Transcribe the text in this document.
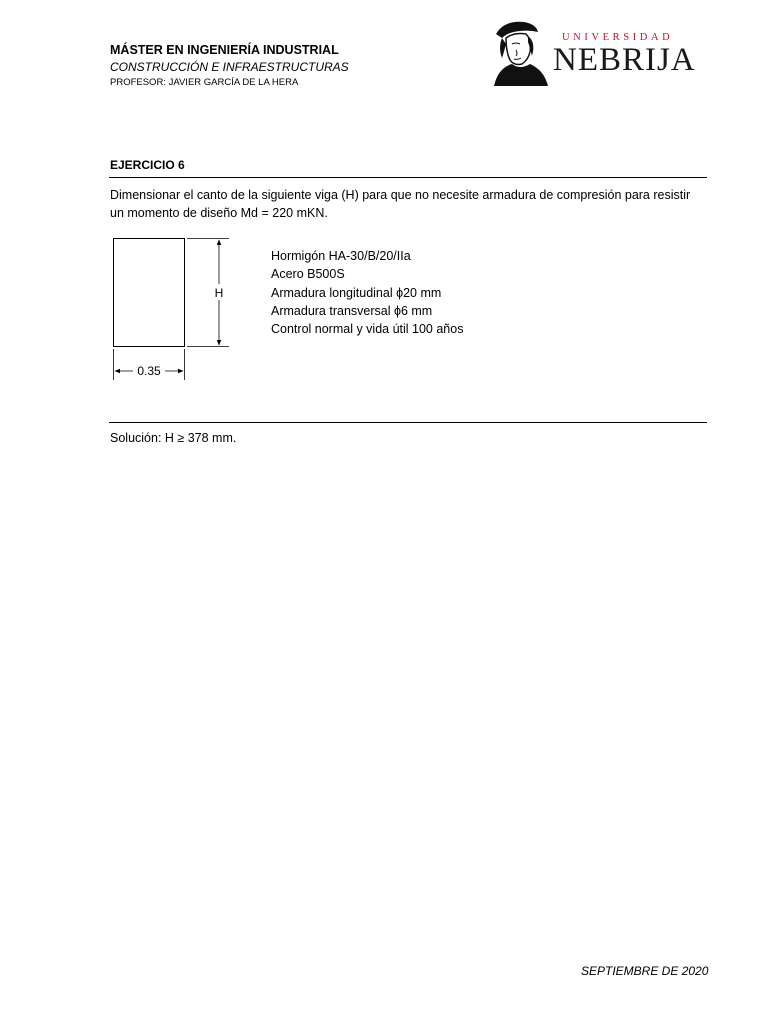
MÁSTER EN INGENIERÍA INDUSTRIAL
CONSTRUCCIÓN E INFRAESTRUCTURAS
PROFESOR: JAVIER GARCÍA DE LA HERA
UNIVERSIDAD
NEBRIJA
EJERCICIO 6
Dimensionar el canto de la siguiente viga (H) para que no necesite armadura de compresión para resistir un momento de diseño Md = 220 mKN.
H
0.35
Hormigón HA-30/B/20/IIa
Acero B500S
Armadura longitudinal ϕ20 mm
Armadura transversal ϕ6 mm
Control normal y vida útil 100 años
Solución: H ≥ 378 mm.
SEPTIEMBRE DE 2020
